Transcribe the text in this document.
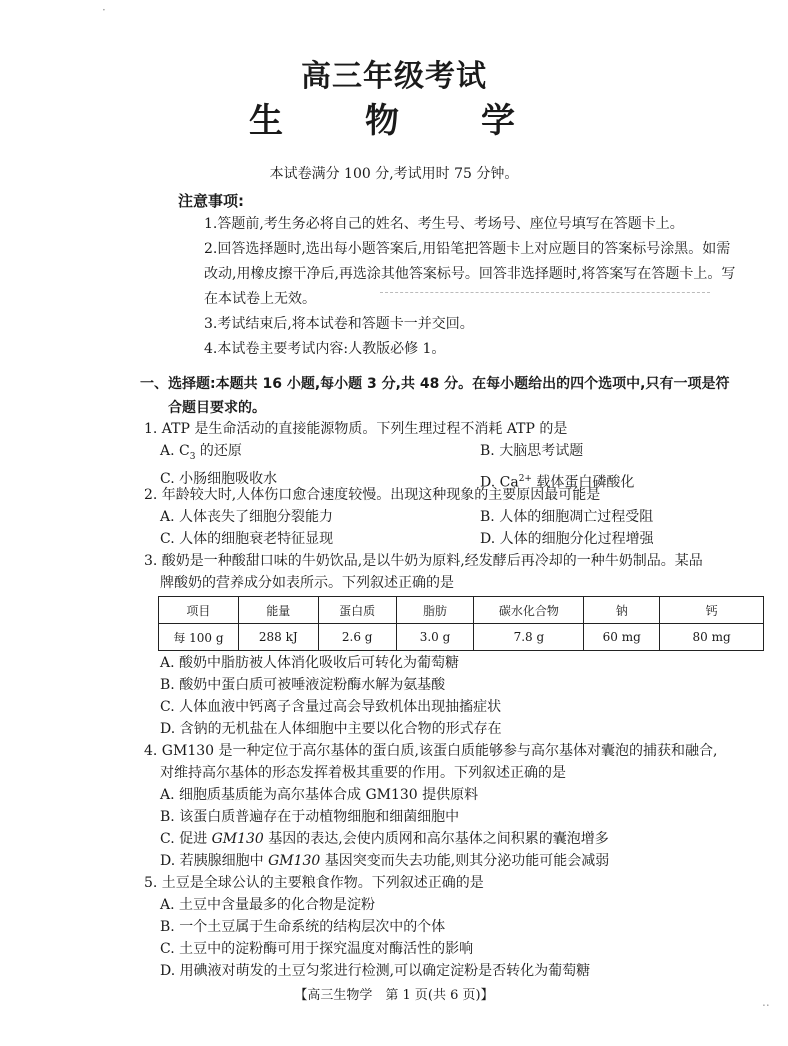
·
..
高三年级考试
生　物　学
本试卷满分 100 分,考试用时 75 分钟。
注意事项:
1.答题前,考生务必将自己的姓名、考生号、考场号、座位号填写在答题卡上。
2.回答选择题时,选出每小题答案后,用铅笔把答题卡上对应题目的答案标号涂黑。如需改动,用橡皮擦干净后,再选涂其他答案标号。回答非选择题时,将答案写在答题卡上。写在本试卷上无效。
3.考试结束后,将本试卷和答题卡一并交回。
4.本试卷主要考试内容:人教版必修 1。
一、选择题:本题共 16 小题,每小题 3 分,共 48 分。在每小题给出的四个选项中,只有一项是符
合题目要求的。
1. ATP 是生命活动的直接能源物质。下列生理过程不消耗 ATP 的是
A. $C_3$ 的还原	B. 大脑思考试题
C. 小肠细胞吸收水	D. $Ca^{2+}$ 载体蛋白磷酸化
2. 年龄较大时,人体伤口愈合速度较慢。出现这种现象的主要原因最可能是
A. 人体丧失了细胞分裂能力	B. 人体的细胞凋亡过程受阻
C. 人体的细胞衰老特征显现	D. 人体的细胞分化过程增强
3. 酸奶是一种酸甜口味的牛奶饮品,是以牛奶为原料,经发酵后再冷却的一种牛奶制品。某品
牌酸奶的营养成分如表所示。下列叙述正确的是
项目	能量	蛋白质	脂肪	碳水化合物	钠	钙
每 100 g	288 kJ	2.6 g	3.0 g	7.8 g	60 mg	80 mg
A. 酸奶中脂肪被人体消化吸收后可转化为葡萄糖
B. 酸奶中蛋白质可被唾液淀粉酶水解为氨基酸
C. 人体血液中钙离子含量过高会导致机体出现抽搐症状
D. 含钠的无机盐在人体细胞中主要以化合物的形式存在
4. GM130 是一种定位于高尔基体的蛋白质,该蛋白质能够参与高尔基体对囊泡的捕获和融合,
对维持高尔基体的形态发挥着极其重要的作用。下列叙述正确的是
A. 细胞质基质能为高尔基体合成 GM130 提供原料
B. 该蛋白质普遍存在于动植物细胞和细菌细胞中
C. 促进 GM130 基因的表达,会使内质网和高尔基体之间积累的囊泡增多
D. 若胰腺细胞中 GM130 基因突变而失去功能,则其分泌功能可能会减弱
5. 土豆是全球公认的主要粮食作物。下列叙述正确的是
A. 土豆中含量最多的化合物是淀粉
B. 一个土豆属于生命系统的结构层次中的个体
C. 土豆中的淀粉酶可用于探究温度对酶活性的影响
D. 用碘液对萌发的土豆匀浆进行检测,可以确定淀粉是否转化为葡萄糖
【高三生物学　第 1 页(共 6 页)】
